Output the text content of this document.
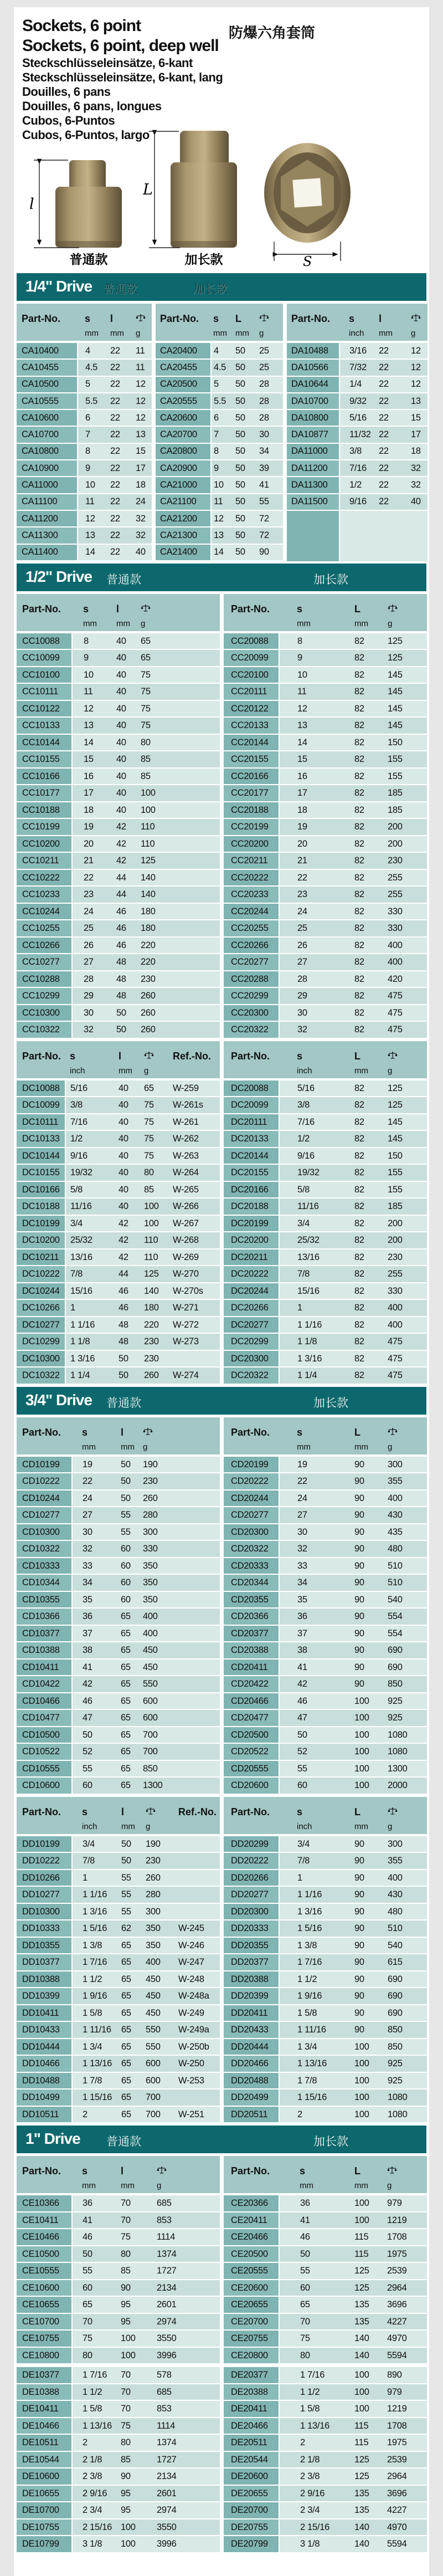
Sockets, 6 point
Sockets, 6 point, deep well
Steckschlüsseleinsätze, 6-kant
Steckschlüsseleinsätze, 6-kant, lang
Douilles, 6 pans
Douilles, 6 pans, longues
Cubos, 6-Puntos
Cubos, 6-Puntos, largo
防爆六角套筒
l
L
S
普通款	加长款
1/4" Drive 普通款	加长款
Part-No.	s	l	
	mm	mm	g
CA10400	4	22	11
CA10455	4.5	22	11
CA10500	5	22	12
CA10555	5.5	22	12
CA10600	6	22	12
CA10700	7	22	13
CA10800	8	22	15
CA10900	9	22	17
CA11000	10	22	18
CA11100	11	22	24
CA11200	12	22	32
CA11300	13	22	32
CA11400	14	22	40
Part-No.	s	L	
	mm	mm	g
CA20400	4	50	25
CA20455	4.5	50	25
CA20500	5	50	28
CA20555	5.5	50	28
CA20600	6	50	28
CA20700	7	50	30
CA20800	8	50	34
CA20900	9	50	39
CA21000	10	50	41
CA21100	11	50	55
CA21200	12	50	72
CA21300	13	50	72
CA21400	14	50	90
Part-No.	s	l	
	inch	mm	g
DA10488	3/16	22	12
DA10566	7/32	22	12
DA10644	1/4	22	12
DA10700	9/32	22	13
DA10800	5/16	22	15
DA10877	11/32	22	17
DA11000	3/8	22	18
DA11200	7/16	22	32
DA11300	1/2	22	32
DA11500	9/16	22	40

1/2" Drive 普通款	加长款
Part-No.	s	l		
	mm	mm	g	
CC10088	8	40	65	
CC10099	9	40	65	
CC10100	10	40	75	
CC10111	11	40	75	
CC10122	12	40	75	
CC10133	13	40	75	
CC10144	14	40	80	
CC10155	15	40	85	
CC10166	16	40	85	
CC10177	17	40	100	
CC10188	18	40	100	
CC10199	19	42	110	
CC10200	20	42	110	
CC10211	21	42	125	
CC10222	22	44	140	
CC10233	23	44	140	
CC10244	24	46	180	
CC10255	25	46	180	
CC10266	26	46	220	
CC10277	27	48	220	
CC10288	28	48	230	
CC10299	29	48	260	
CC10300	30	50	260	
CC10322	32	50	260	
Part-No.	s	L	
	mm	mm	g
CC20088	8	82	125
CC20099	9	82	125
CC20100	10	82	145
CC20111	11	82	145
CC20122	12	82	145
CC20133	13	82	145
CC20144	14	82	150
CC20155	15	82	155
CC20166	16	82	155
CC20177	17	82	185
CC20188	18	82	185
CC20199	19	82	200
CC20200	20	82	200
CC20211	21	82	230
CC20222	22	82	255
CC20233	23	82	255
CC20244	24	82	330
CC20255	25	82	330
CC20266	26	82	400
CC20277	27	82	400
CC20288	28	82	420
CC20299	29	82	475
CC20300	30	82	475
CC20322	32	82	475
Part-No.	s	l		Ref.-No.
	inch	mm	g	
DC10088	5/16	40	65	W-259
DC10099	3/8	40	75	W-261s
DC10111	7/16	40	75	W-261
DC10133	1/2	40	75	W-262
DC10144	9/16	40	75	W-263
DC10155	19/32	40	80	W-264
DC10166	5/8	40	85	W-265
DC10188	11/16	40	100	W-266
DC10199	3/4	42	100	W-267
DC10200	25/32	42	110	W-268
DC10211	13/16	42	110	W-269
DC10222	7/8	44	125	W-270
DC10244	15/16	46	140	W-270s
DC10266	1	46	180	W-271
DC10277	1 1/16	48	220	W-272
DC10299	1 1/8	48	230	W-273
DC10300	1 3/16	50	230	
DC10322	1 1/4	50	260	W-274
Part-No.	s	L	
	inch	mm	g
DC20088	5/16	82	125
DC20099	3/8	82	125
DC20111	7/16	82	145
DC20133	1/2	82	145
DC20144	9/16	82	150
DC20155	19/32	82	155
DC20166	5/8	82	155
DC20188	11/16	82	185
DC20199	3/4	82	200
DC20200	25/32	82	200
DC20211	13/16	82	230
DC20222	7/8	82	255
DC20244	15/16	82	330
DC20266	1	82	400
DC20277	1 1/16	82	400
DC20299	1 1/8	82	475
DC20300	1 3/16	82	475
DC20322	1 1/4	82	475
3/4" Drive 普通款	加长款
Part-No.	s	l		
	mm	mm	g	
CD10199	19	50	190	
CD10222	22	50	230	
CD10244	24	50	260	
CD10277	27	55	280	
CD10300	30	55	300	
CD10322	32	60	330	
CD10333	33	60	350	
CD10344	34	60	350	
CD10355	35	60	350	
CD10366	36	65	400	
CD10377	37	65	400	
CD10388	38	65	450	
CD10411	41	65	450	
CD10422	42	65	550	
CD10466	46	65	600	
CD10477	47	65	600	
CD10500	50	65	700	
CD10522	52	65	700	
CD10555	55	65	850	
CD10600	60	65	1300	
Part-No.	s	L	
	mm	mm	g
CD20199	19	90	300
CD20222	22	90	355
CD20244	24	90	400
CD20277	27	90	430
CD20300	30	90	435
CD20322	32	90	480
CD20333	33	90	510
CD20344	34	90	510
CD20355	35	90	540
CD20366	36	90	554
CD20377	37	90	554
CD20388	38	90	690
CD20411	41	90	690
CD20422	42	90	850
CD20466	46	100	925
CD20477	47	100	925
CD20500	50	100	1080
CD20522	52	100	1080
CD20555	55	100	1300
CD20600	60	100	2000
Part-No.	s	l		Ref.-No.
	inch	mm	g	
DD10199	3/4	50	190	
DD10222	7/8	50	230	
DD10266	1	55	260	
DD10277	1 1/16	55	280	
DD10300	1 3/16	55	300	
DD10333	1 5/16	62	350	W-245
DD10355	1 3/8	65	350	W-246
DD10377	1 7/16	65	400	W-247
DD10388	1 1/2	65	450	W-248
DD10399	1 9/16	65	450	W-248a
DD10411	1 5/8	65	450	W-249
DD10433	1 11/16	65	550	W-249a
DD10444	1 3/4	65	550	W-250b
DD10466	1 13/16	65	600	W-250
DD10488	1 7/8	65	600	W-253
DD10499	1 15/16	65	700	
DD10511	2	65	700	W-251
Part-No.	s	L	
	inch	mm	g
DD20299	3/4	90	300
DD20222	7/8	90	355
DD20266	1	90	400
DD20277	1 1/16	90	430
DD20300	1 3/16	90	480
DD20333	1 5/16	90	510
DD20355	1 3/8	90	540
DD20377	1 7/16	90	615
DD20388	1 1/2	90	690
DD20399	1 9/16	90	690
DD20411	1 5/8	90	690
DD20433	1 11/16	90	850
DD20444	1 3/4	100	850
DD20466	1 13/16	100	925
DD20488	1 7/8	100	925
DD20499	1 15/16	100	1080
DD20511	2	100	1080
1" Drive 普通款	加长款
Part-No.	s	l		
	mm	mm	g	
CE10366	36	70	685	
CE10411	41	70	853	
CE10466	46	75	1114	
CE10500	50	80	1374	
CE10555	55	85	1727	
CE10600	60	90	2134	
CE10655	65	95	2601	
CE10700	70	95	2974	
CE10755	75	100	3550	
CE10800	80	100	3996	

DE10377	1 7/16	70	578	
DE10388	1 1/2	70	685	
DE10411	1 5/8	70	853	
DE10466	1 13/16	75	1114	
DE10511	2	80	1374	
DE10544	2 1/8	85	1727	
DE10600	2 3/8	90	2134	
DE10655	2 9/16	95	2601	
DE10700	2 3/4	95	2974	
DE10755	2 15/16	100	3550	
DE10799	3 1/8	100	3996	
Part-No.	s	L	
	mm	mm	g
CE20366	36	100	979
CE20411	41	100	1219
CE20466	46	115	1708
CE20500	50	115	1975
CE20555	55	125	2539
CE20600	60	125	2964
CE20655	65	135	3696
CE20700	70	135	4227
CE20755	75	140	4970
CE20800	80	140	5594

DE20377	1 7/16	100	890
DE20388	1 1/2	100	979
DE20411	1 5/8	100	1219
DE20466	1 13/16	115	1708
DE20511	2	115	1975
DE20544	2 1/8	125	2539
DE20600	2 3/8	125	2964
DE20655	2 9/16	135	3696
DE20700	2 3/4	135	4227
DE20755	2 15/16	140	4970
DE20799	3 1/8	140	5594
